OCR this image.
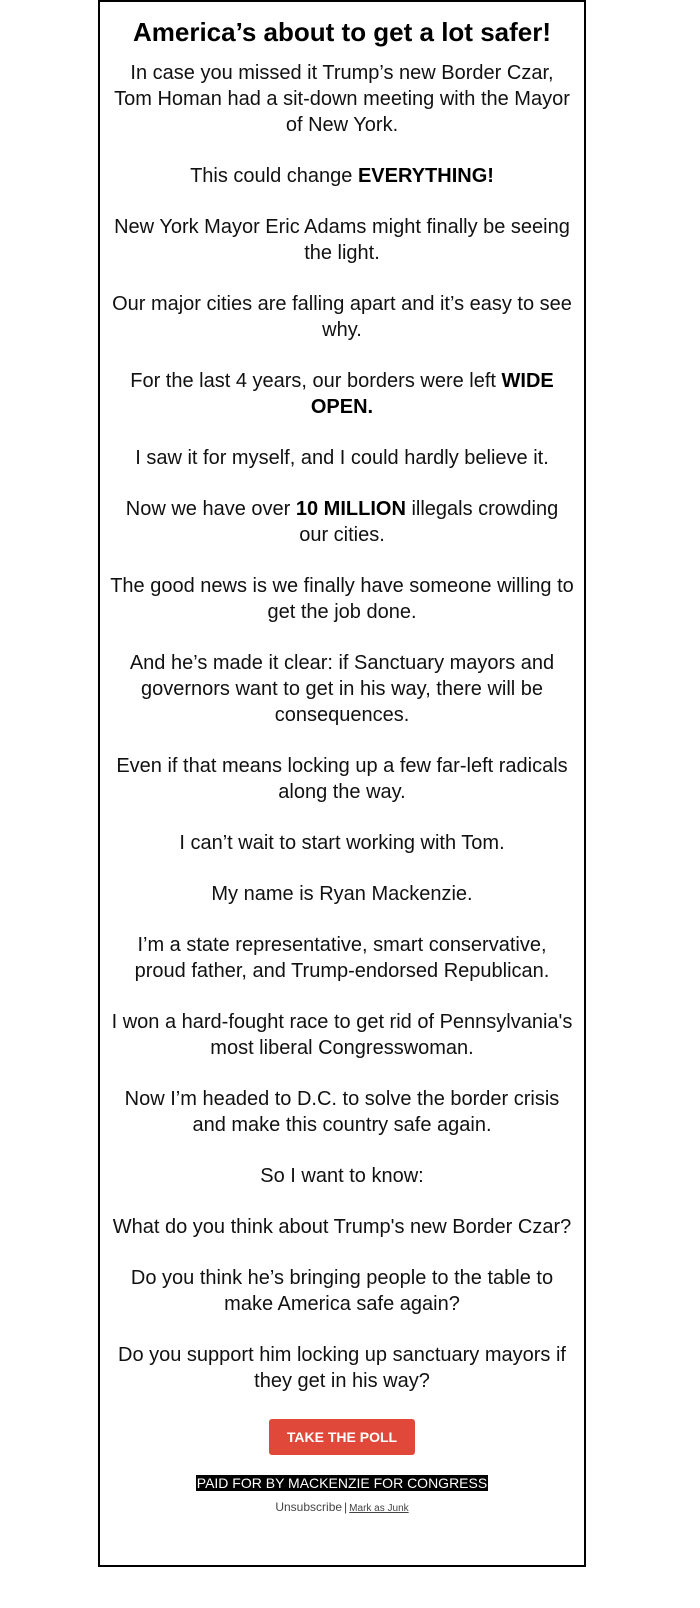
America’s about to get a lot safer!

In case you missed it Trump’s new Border Czar, Tom Homan had a sit-down meeting with the Mayor of New York.

This could change EVERYTHING!

New York Mayor Eric Adams might finally be seeing the light.

Our major cities are falling apart and it’s easy to see why.

For the last 4 years, our borders were left WIDE OPEN.

I saw it for myself, and I could hardly believe it.

Now we have over 10 MILLION illegals crowding our cities.

The good news is we finally have someone willing to get the job done.

And he’s made it clear: if Sanctuary mayors and governors want to get in his way, there will be consequences.

Even if that means locking up a few far-left radicals along the way.

I can’t wait to start working with Tom.

My name is Ryan Mackenzie.

I’m a state representative, smart conservative, proud father, and Trump-endorsed Republican.

I won a hard-fought race to get rid of Pennsylvania's most liberal Congresswoman.

Now I’m headed to D.C. to solve the border crisis and make this country safe again.

So I want to know:

What do you think about Trump's new Border Czar?

Do you think he’s bringing people to the table to make America safe again?

Do you support him locking up sanctuary mayors if they get in his way?

TAKE THE POLL
PAID FOR BY MACKENZIE FOR CONGRESS
Unsubscribe | Mark as Junk
